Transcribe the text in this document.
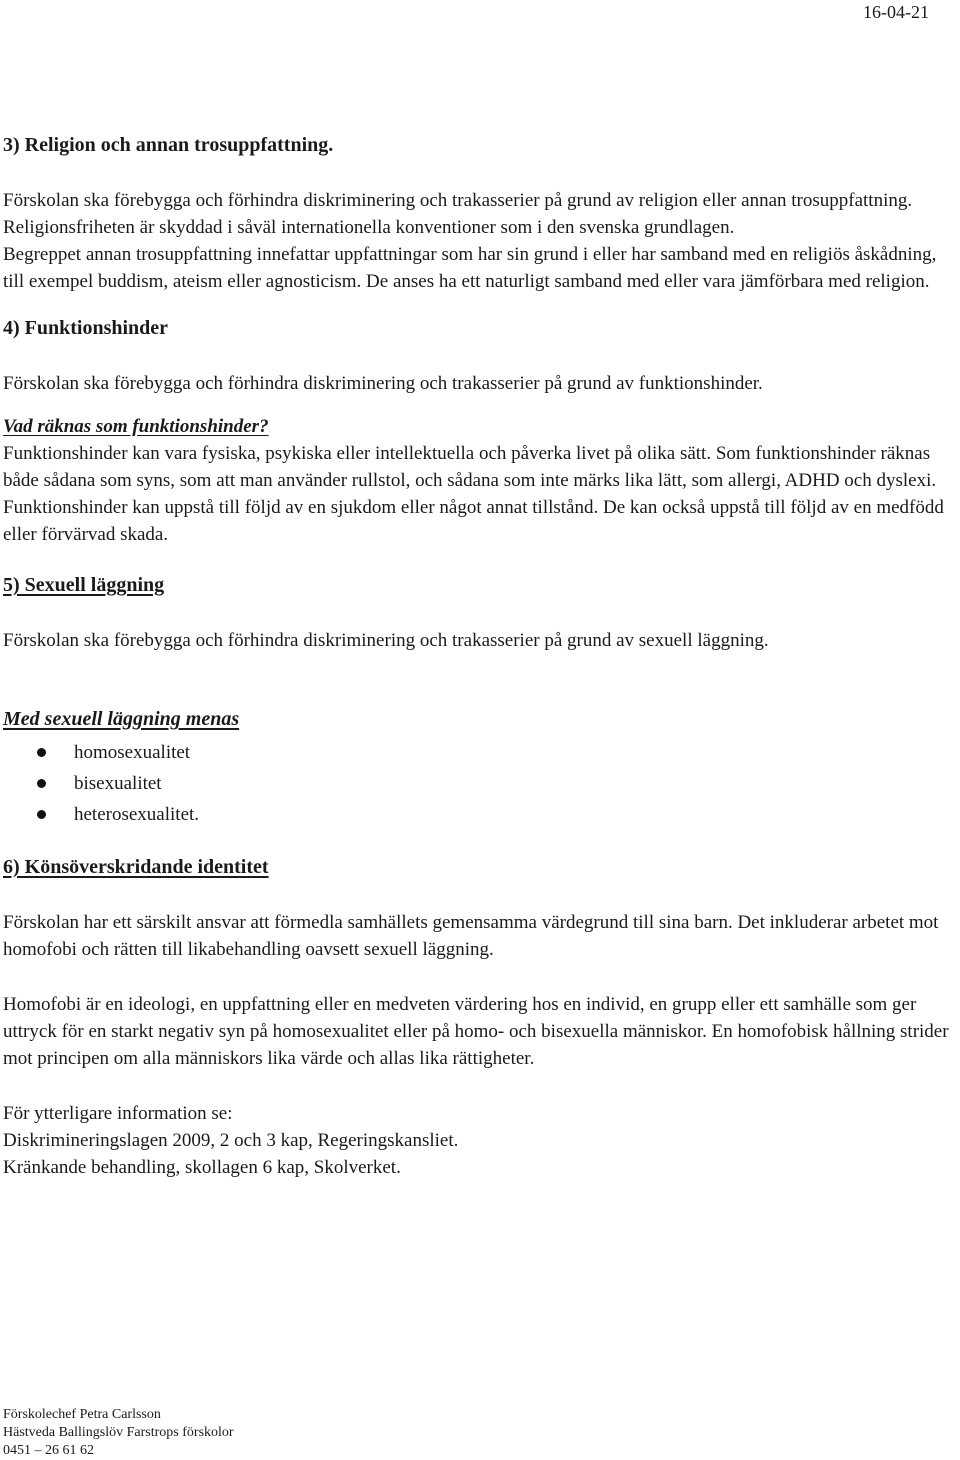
16-04-21
3) Religion och annan trosuppfattning.

Förskolan ska förebygga och förhindra diskriminering och trakasserier på grund av religion eller annan trosuppfattning.

Religionsfriheten är skyddad i såväl internationella konventioner som i den svenska grundlagen.

Begreppet annan trosuppfattning innefattar uppfattningar som har sin grund i eller har samband med en religiös åskådning, till exempel buddism, ateism eller agnosticism. De anses ha ett naturligt samband med eller vara jämförbara med religion.

4) Funktionshinder

Förskolan ska förebygga och förhindra diskriminering och trakasserier på grund av funktionshinder.

Vad räknas som funktionshinder?

Funktionshinder kan vara fysiska, psykiska eller intellektuella och påverka livet på olika sätt. Som funktionshinder räknas både sådana som syns, som att man använder rullstol, och sådana som inte märks lika lätt, som allergi, ADHD och dyslexi. Funktionshinder kan uppstå till följd av en sjukdom eller något annat tillstånd. De kan också uppstå till följd av en medfödd eller förvärvad skada.

5) Sexuell läggning

Förskolan ska förebygga och förhindra diskriminering och trakasserier på grund av sexuell läggning.

Med sexuell läggning menas

homosexualitet
bisexualitet
heterosexualitet.
6) Könsöverskridande identitet

Förskolan har ett särskilt ansvar att förmedla samhällets gemensamma värdegrund till sina barn. Det inkluderar arbetet mot homofobi och rätten till likabehandling oavsett sexuell läggning.

Homofobi är en ideologi, en uppfattning eller en medveten värdering hos en individ, en grupp eller ett samhälle som ger uttryck för en starkt negativ syn på homosexualitet eller på homo- och bisexuella människor. En homofobisk hållning strider mot principen om alla människors lika värde och allas lika rättigheter.

För ytterligare information se:

Diskrimineringslagen 2009, 2 och 3 kap, Regeringskansliet.

Kränkande behandling, skollagen 6 kap, Skolverket.

Förskolechef Petra Carlsson
Hästveda Ballingslöv Farstrops förskolor
0451 – 26 61 62
